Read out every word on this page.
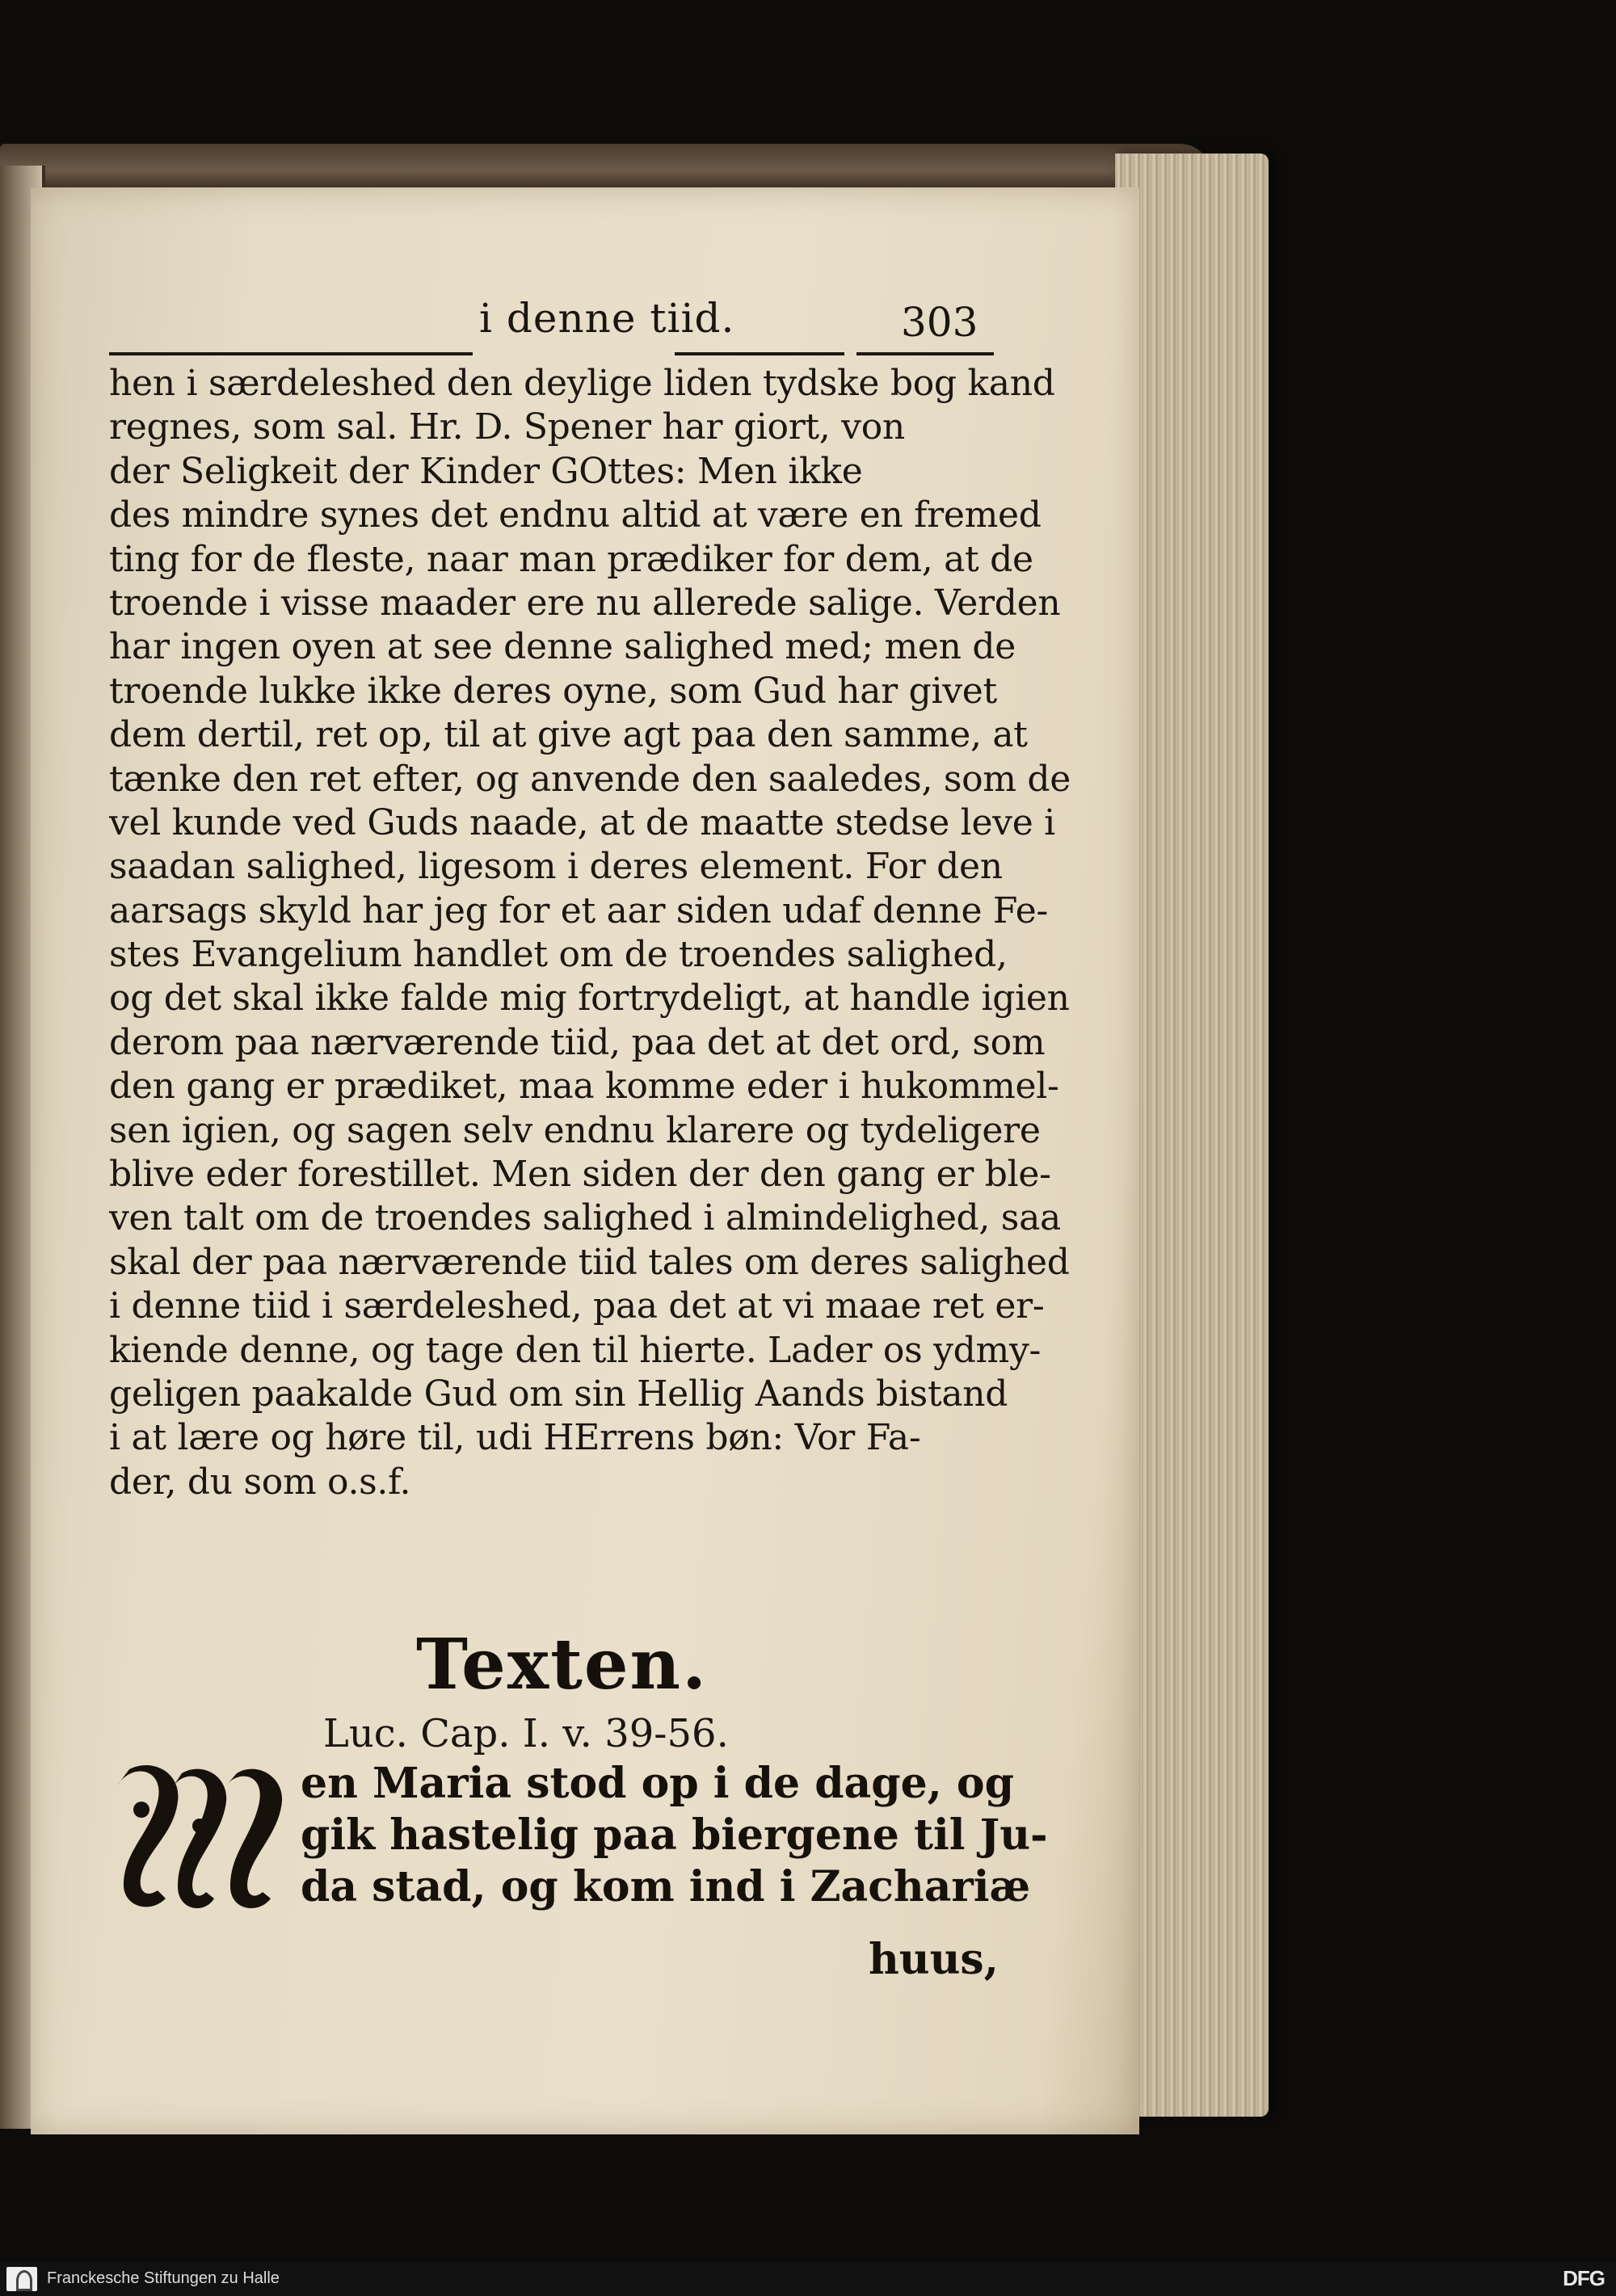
i denne tiid.	303
hen i særdeleshed den deylige liden tydske bog kand
regnes, som sal. Hr. D. Spener har giort, von
der Seligkeit der Kinder GOttes: Men ikke
des mindre synes det endnu altid at være en fremed
ting for de fleste, naar man prædiker for dem, at de
troende i visse maader ere nu allerede salige. Verden
har ingen oyen at see denne salighed med; men de
troende lukke ikke deres oyne, som Gud har givet
dem dertil, ret op, til at give agt paa den samme, at
tænke den ret efter, og anvende den saaledes, som de
vel kunde ved Guds naade, at de maatte stedse leve i
saadan salighed, ligesom i deres element. For den
aarsags skyld har jeg for et aar siden udaf denne Fe-
stes Evangelium handlet om de troendes salighed,
og det skal ikke falde mig fortrydeligt, at handle igien
derom paa nærværende tiid, paa det at det ord, som
den gang er prædiket, maa komme eder i hukommel-
sen igien, og sagen selv endnu klarere og tydeligere
blive eder forestillet. Men siden der den gang er ble-
ven talt om de troendes salighed i almindelighed, saa
skal der paa nærværende tiid tales om deres salighed
i denne tiid i særdeleshed, paa det at vi maae ret er-
kiende denne, og tage den til hierte. Lader os ydmy-
geligen paakalde Gud om sin Hellig Aands bistand
i at lære og høre til, udi HErrens bøn: Vor Fa-
der, du som o.s.f.
Texten.
Luc. Cap. I. v. 39-56.
en Maria stod op i de dage, og
gik hastelig paa biergene til Ju-
da stad, og kom ind i Zachariæ
huus,
Franckesche Stiftungen zu Halle	DFG
